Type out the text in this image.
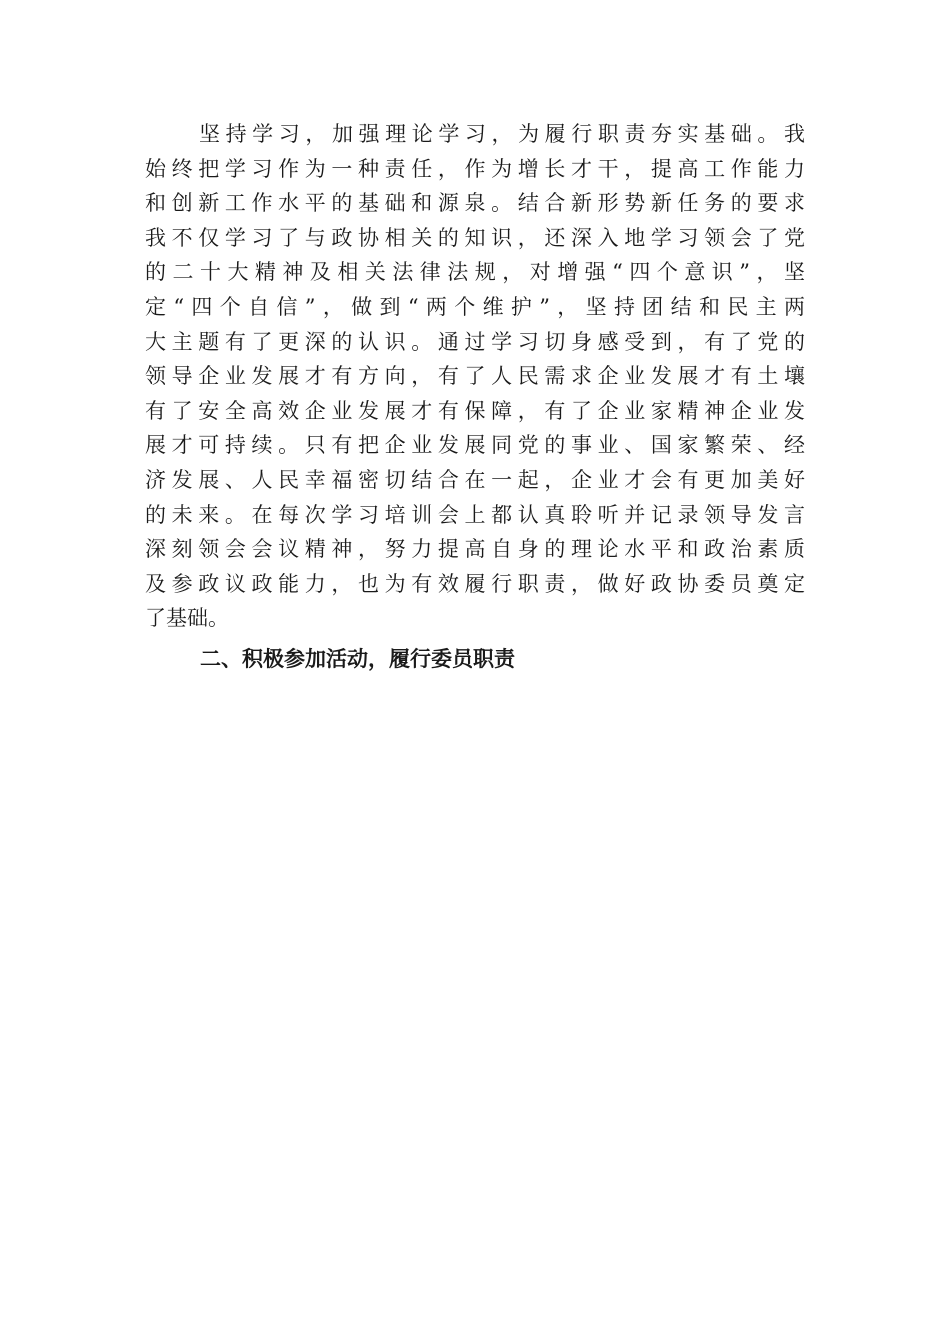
坚持学习，加强理论学习，为履行职责夯实基础。我
始终把学习作为一种责任，作为增长才干，提高工作能力
和创新工作水平的基础和源泉。结合新形势新任务的要求
我不仅学习了与政协相关的知识，还深入地学习领会了党
的二十大精神及相关法律法规，对增强“四个意识”，坚
定“四个自信”，做到“两个维护”，坚持团结和民主两
大主题有了更深的认识。通过学习切身感受到，有了党的
领导企业发展才有方向，有了人民需求企业发展才有土壤
有了安全高效企业发展才有保障，有了企业家精神企业发
展才可持续。只有把企业发展同党的事业、国家繁荣、经
济发展、人民幸福密切结合在一起，企业才会有更加美好
的未来。在每次学习培训会上都认真聆听并记录领导发言
深刻领会会议精神，努力提高自身的理论水平和政治素质
及参政议政能力，也为有效履行职责，做好政协委员奠定
了基础。
二、积极参加活动，履行委员职责
